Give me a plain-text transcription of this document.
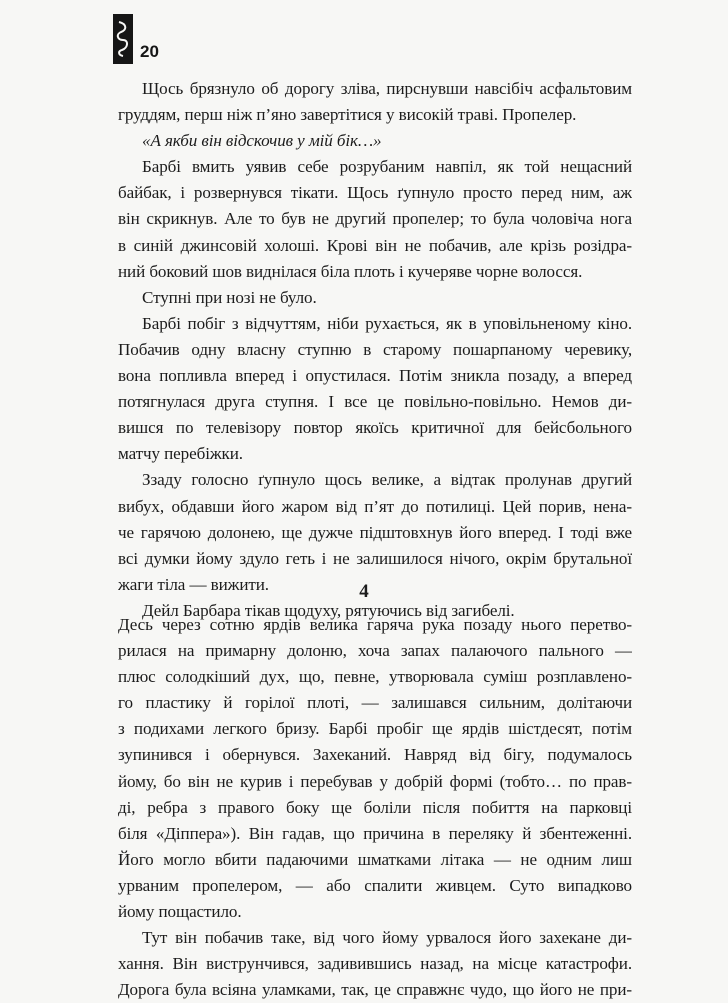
20
Щось брязнуло об дорогу зліва, пирснувши навсібіч асфальтовим
груддям, перш ніж п’яно завертітися у високій траві. Пропелер.
«А якби він відскочив у мій бік…»
Барбі вмить уявив себе розрубаним навпіл, як той нещасний
байбак, і розвернувся тікати. Щось ґупнуло просто перед ним, аж
він скрикнув. Але то був не другий пропелер; то була чоловіча нога
в синій джинсовій холоші. Крові він не побачив, але крізь розідра-
ний боковий шов виднілася біла плоть і кучеряве чорне волосся.
Ступні при нозі не було.
Барбі побіг з відчуттям, ніби рухається, як в уповільненому кіно.
Побачив одну власну ступню в старому пошарпаному черевику,
вона попливла вперед і опустилася. Потім зникла позаду, а вперед
потягнулася друга ступня. І все це повільно-повільно. Немов ди-
вишся по телевізору повтор якоїсь критичної для бейсбольного
матчу перебіжки.
Ззаду голосно ґупнуло щось велике, а відтак пролунав другий
вибух, обдавши його жаром від п’ят до потилиці. Цей порив, нена-
че гарячою долонею, ще дужче підштовхнув його вперед. І тоді вже
всі думки йому здуло геть і не залишилося нічого, окрім брутальної
жаги тіла — вижити.
Дейл Барбара тікав щодуху, рятуючись від загибелі.
4
Десь через сотню ярдів велика гаряча рука позаду нього перетво-
рилася на примарну долоню, хоча запах палаючого пального —
плюс солодкіший дух, що, певне, утворювала суміш розплавлено-
го пластику й горілої плоті, — залишався сильним, долітаючи
з подихами легкого бризу. Барбі пробіг ще ярдів шістдесят, потім
зупинився і обернувся. Захеканий. Навряд від бігу, подумалось
йому, бо він не курив і перебував у добрій формі (тобто… по прав-
ді, ребра з правого боку ще боліли після побиття на парковці
біля «Діппера»). Він гадав, що причина в переляку й збентеженні.
Його могло вбити падаючими шматками літака — не одним лиш
урваним пропелером, — або спалити живцем. Суто випадково
йому пощастило.
Тут він побачив таке, від чого йому урвалося його захекане ди-
хання. Він виструнчився, задивившись назад, на місце катастрофи.
Дорога була всіяна уламками, так, це справжнє чудо, що його не при-
